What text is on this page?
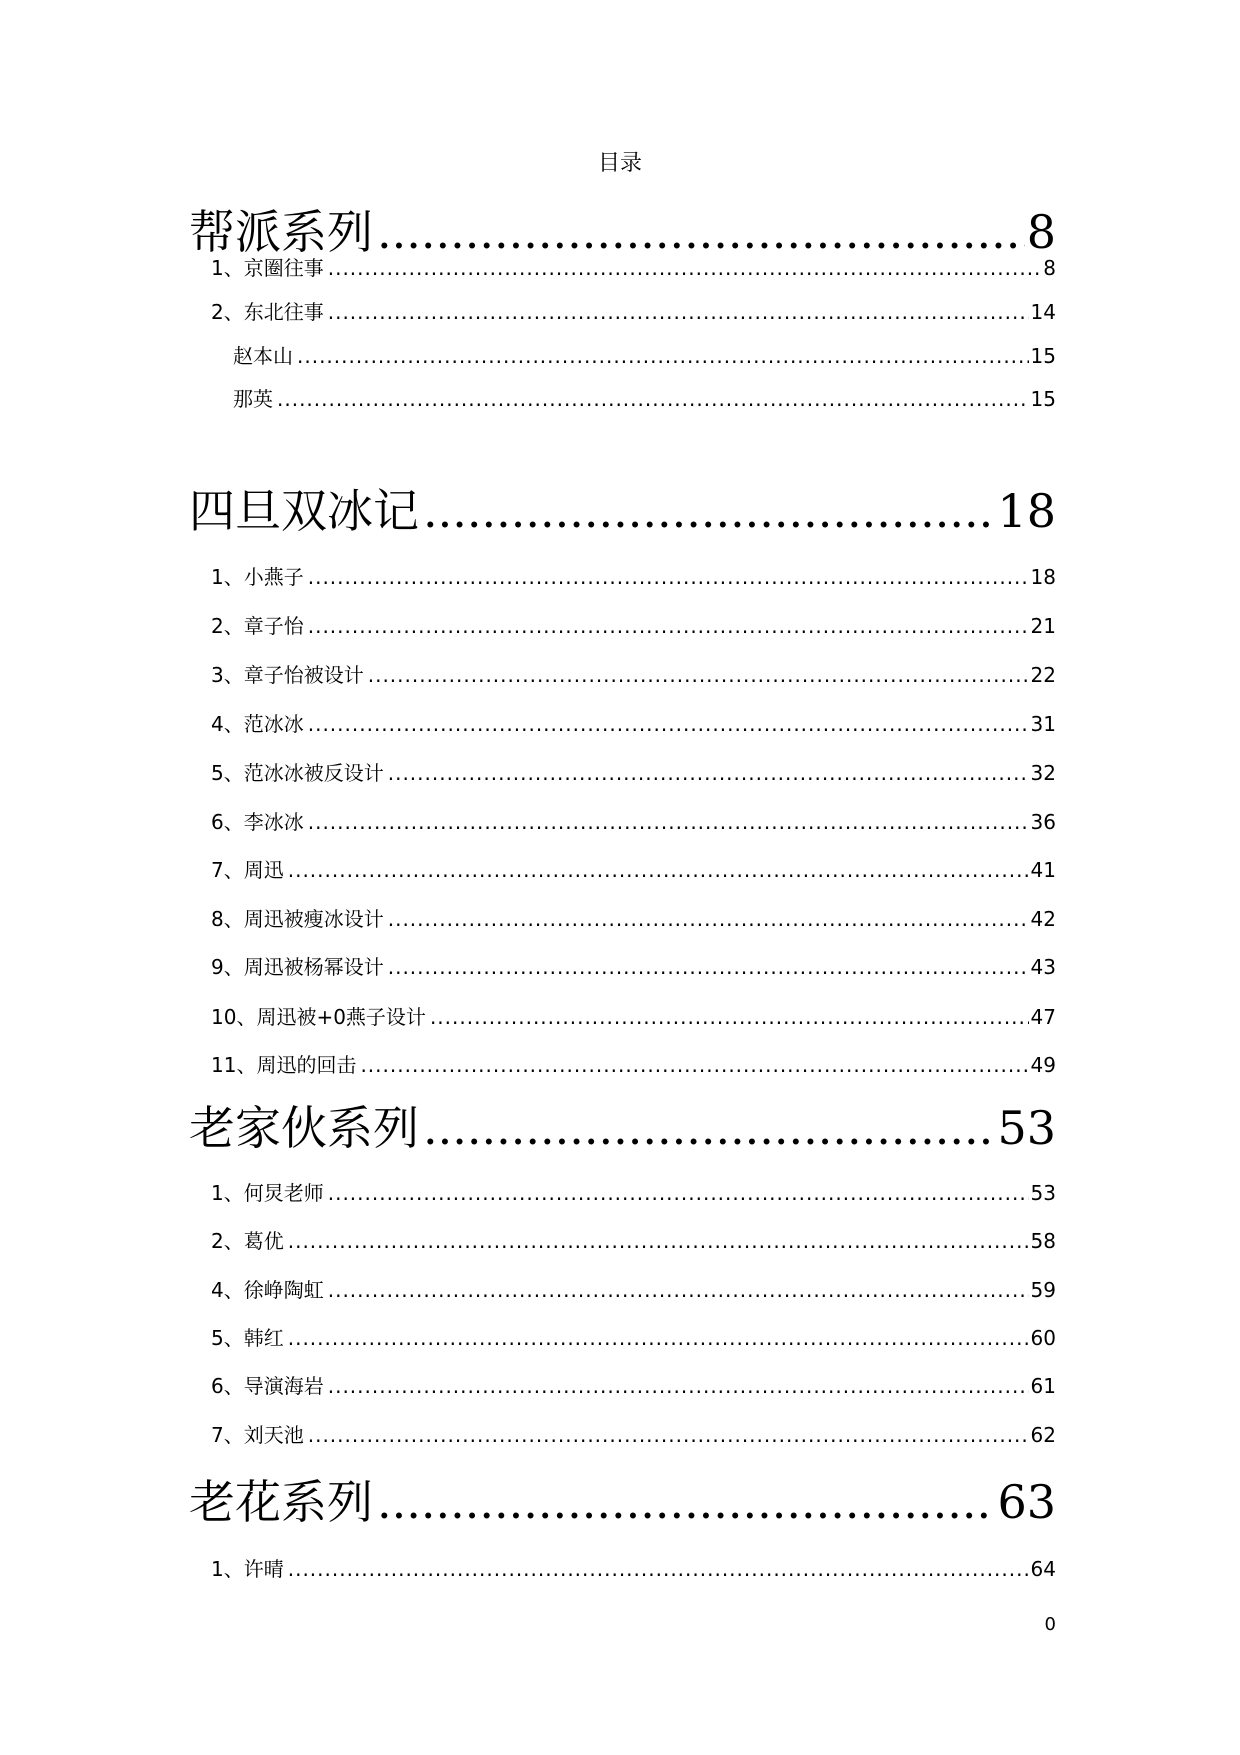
目录
帮派系列 .....	8
1、京圈往事 .....	8
2、东北往事 .....	14
赵本山 .....	15
那英 .....	15
四旦双冰记 .....	18
1、小燕子 .....	18
2、章子怡 .....	21
3、章子怡被设计 .....	22
4、范冰冰 .....	31
5、范冰冰被反设计 .....	32
6、李冰冰 .....	36
7、周迅 .....	41
8、周迅被瘦冰设计 .....	42
9、周迅被杨幂设计 .....	43
10、周迅被+0燕子设计 .....	47
11、周迅的回击 .....	49
老家伙系列 .....	53
1、何炅老师 .....	53
2、葛优 .....	58
4、徐峥陶虹 .....	59
5、韩红 .....	60
6、导演海岩 .....	61
7、刘天池 .....	62
老花系列 .....	63
1、许晴 .....	64
0
